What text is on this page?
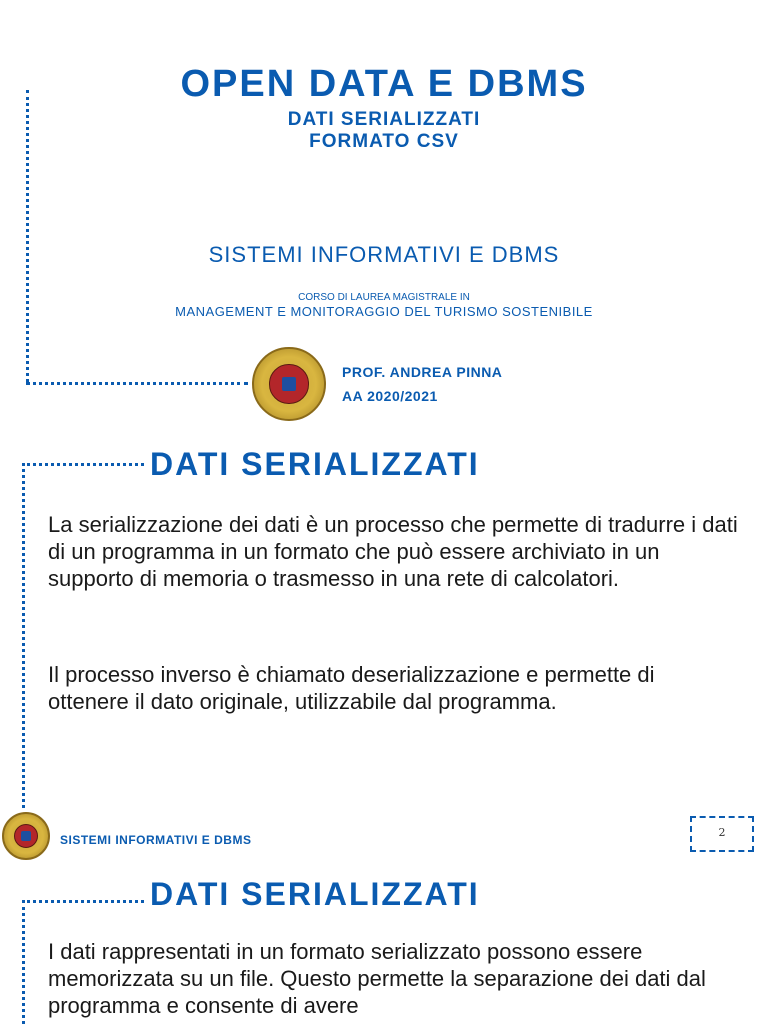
OPEN DATA E DBMS
DATI SERIALIZZATI
FORMATO CSV
SISTEMI INFORMATIVI E DBMS
CORSO DI LAUREA MAGISTRALE IN
MANAGEMENT E MONITORAGGIO DEL TURISMO SOSTENIBILE
PROF. ANDREA PINNA
AA 2020/2021
DATI SERIALIZZATI
La serializzazione dei dati è un processo che permette di tradurre i dati di un programma in un formato che può essere archiviato in un supporto di memoria o trasmesso in una rete di calcolatori.
Il processo inverso è chiamato deserializzazione e permette di ottenere il dato originale, utilizzabile dal programma.
SISTEMI INFORMATIVI E DBMS
2
DATI SERIALIZZATI
I dati rappresentati in un formato serializzato possono essere memorizzata su un file. Questo permette la separazione dei dati dal programma e consente di avere
